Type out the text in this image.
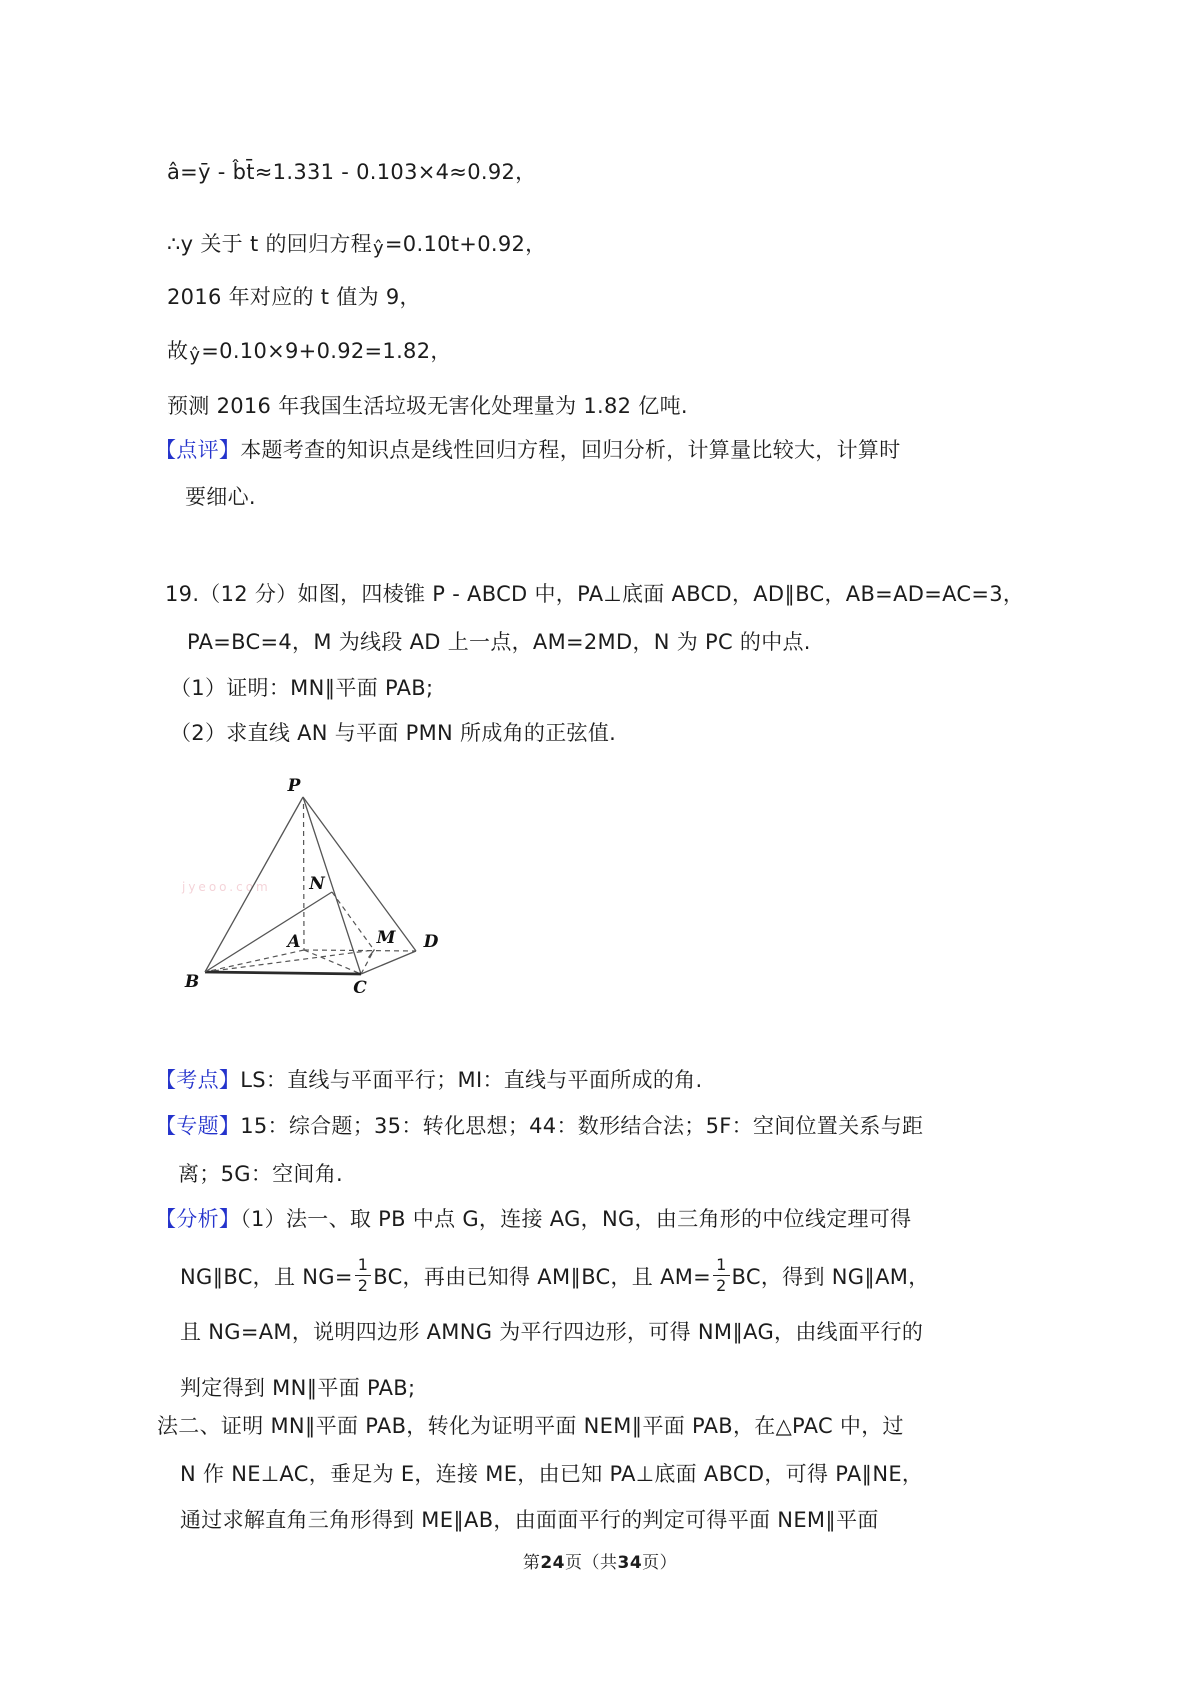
â=ȳ - b̂t̄≈1.331 - 0.103×4≈0.92，
∴y 关于 t 的回归方程ŷ=0.10t+0.92，
2016 年对应的 t 值为 9，
故ŷ=0.10×9+0.92=1.82，
预测 2016 年我国生活垃圾无害化处理量为 1.82 亿吨.
【点评】本题考查的知识点是线性回归方程，回归分析，计算量比较大，计算时
要细心.
19.（12 分）如图，四棱锥 P - ABCD 中，PA⊥底面 ABCD，AD∥BC，AB=AD=AC=3，
PA=BC=4，M 为线段 AD 上一点，AM=2MD，N 为 PC 的中点.
（1）证明：MN∥平面 PAB;
（2）求直线 AN 与平面 PMN 所成角的正弦值.
jyeoo.com
P
N
A	M D
B	C
【考点】LS：直线与平面平行；MI：直线与平面所成的角.
【专题】15：综合题；35：转化思想；44：数形结合法；5F：空间位置关系与距
离；5G：空间角.
【分析】（1）法一、取 PB 中点 G，连接 AG，NG，由三角形的中位线定理可得
NG∥BC，且 $NG= \frac{1}{2}$ BC，再由已知得 AM∥BC，且 $AM= \frac{1}{2}$ BC，得到 NG∥AM，
且 NG=AM，说明四边形 AMNG 为平行四边形，可得 NM∥AG，由线面平行的
判定得到 MN∥平面 PAB;
法二、证明 MN∥平面 PAB，转化为证明平面 NEM∥平面 PAB，在△PAC 中，过
N 作 NE⊥AC，垂足为 E，连接 ME，由已知 PA⊥底面 ABCD，可得 PA∥NE，
通过求解直角三角形得到 ME∥AB，由面面平行的判定可得平面 NEM∥平面
第24页（共34页）
